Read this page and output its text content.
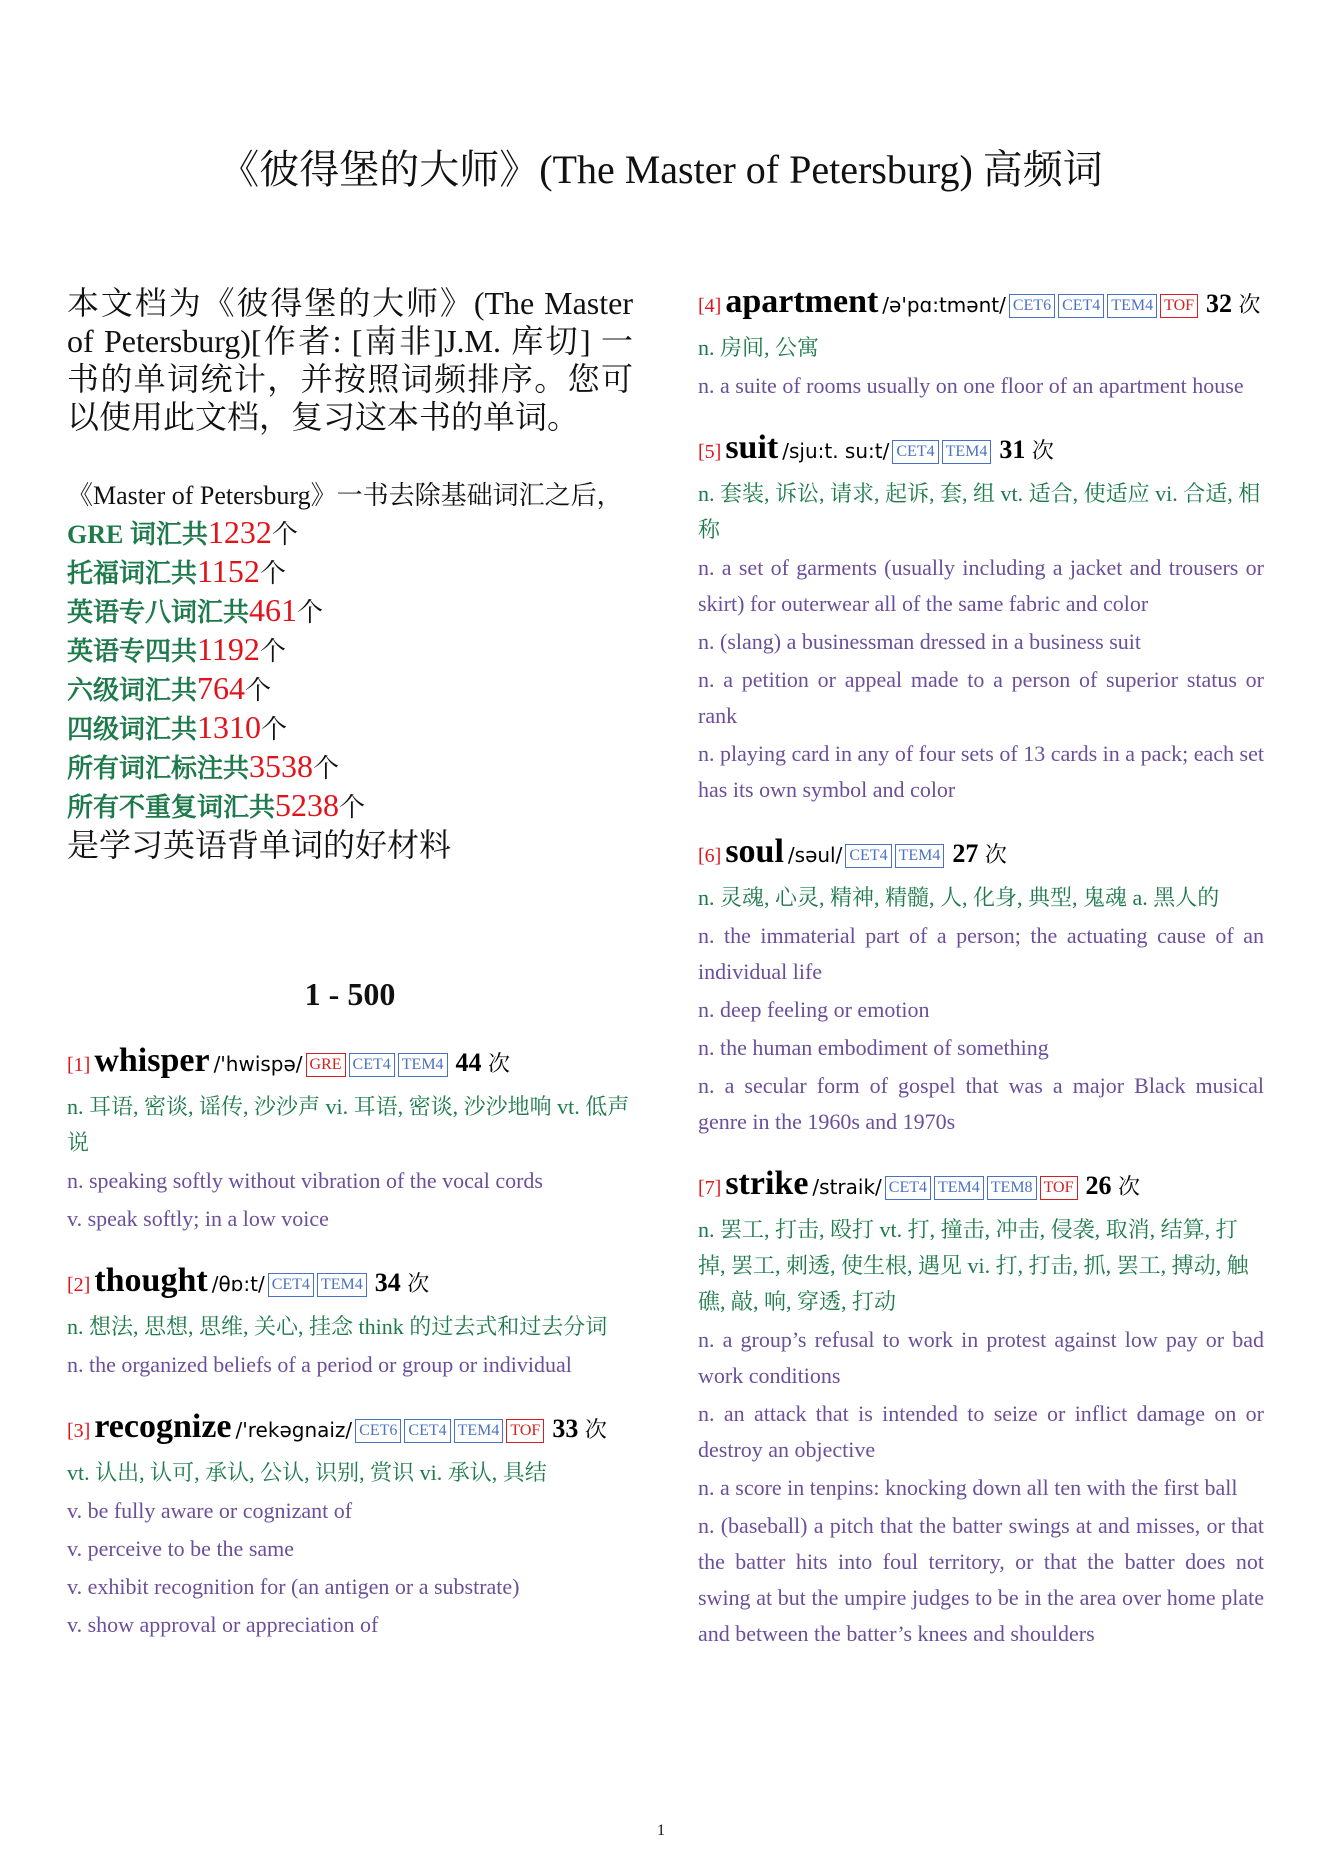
《彼得堡的大师》(The Master of Petersburg) 高频词
本文档为《彼得堡的大师》(The Master of Petersburg)[作者: [南非]J.M. 库切] 一书的单词统计，并按照词频排序。您可以使用此文档，复习这本书的单词。
《Master of Petersburg》一书去除基础词汇之后，
GRE 词汇共1232个
托福词汇共1152个
英语专八词汇共461个
英语专四共1192个
六级词汇共764个
四级词汇共1310个
所有词汇标注共3538个
所有不重复词汇共5238个
是学习英语背单词的好材料
1 - 500
[1] whisper /'hwispə/ GRE CET4 TEM4 44 次
n. 耳语, 密谈, 谣传, 沙沙声 vi. 耳语, 密谈, 沙沙地响 vt. 低声说
n. speaking softly without vibration of the vocal cords
v. speak softly; in a low voice
[2] thought /θɒ:t/ CET4 TEM4 34 次
n. 想法, 思想, 思维, 关心, 挂念 think 的过去式和过去分词
n. the organized beliefs of a period or group or individual
[3] recognize /'rekəgnaiz/ CET6 CET4 TEM4 TOF 33 次
vt. 认出, 认可, 承认, 公认, 识别, 赏识 vi. 承认, 具结
v. be fully aware or cognizant of
v. perceive to be the same
v. exhibit recognition for (an antigen or a substrate)
v. show approval or appreciation of
[4] apartment /ə'pɑ:tmənt/ CET6 CET4 TEM4 TOF 32 次
n. 房间, 公寓
n. a suite of rooms usually on one floor of an apartment house
[5] suit /sju:t. su:t/ CET4 TEM4 31 次
n. 套装, 诉讼, 请求, 起诉, 套, 组 vt. 适合, 使适应 vi. 合适, 相称
n. a set of garments (usually including a jacket and trousers or skirt) for outerwear all of the same fabric and color
n. (slang) a businessman dressed in a business suit
n. a petition or appeal made to a person of superior status or rank
n. playing card in any of four sets of 13 cards in a pack; each set has its own symbol and color
[6] soul /səul/ CET4 TEM4 27 次
n. 灵魂, 心灵, 精神, 精髓, 人, 化身, 典型, 鬼魂 a. 黑人的
n. the immaterial part of a person; the actuating cause of an individual life
n. deep feeling or emotion
n. the human embodiment of something
n. a secular form of gospel that was a major Black musical genre in the 1960s and 1970s
[7] strike /straik/ CET4 TEM4 TEM8 TOF 26 次
n. 罢工, 打击, 殴打 vt. 打, 撞击, 冲击, 侵袭, 取消, 结算, 打掉, 罢工, 刺透, 使生根, 遇见 vi. 打, 打击, 抓, 罢工, 搏动, 触礁, 敲, 响, 穿透, 打动
n. a group’s refusal to work in protest against low pay or bad work conditions
n. an attack that is intended to seize or inflict damage on or destroy an objective
n. a score in tenpins: knocking down all ten with the first ball
n. (baseball) a pitch that the batter swings at and misses, or that the batter hits into foul territory, or that the batter does not swing at but the umpire judges to be in the area over home plate and between the batter’s knees and shoulders
1
